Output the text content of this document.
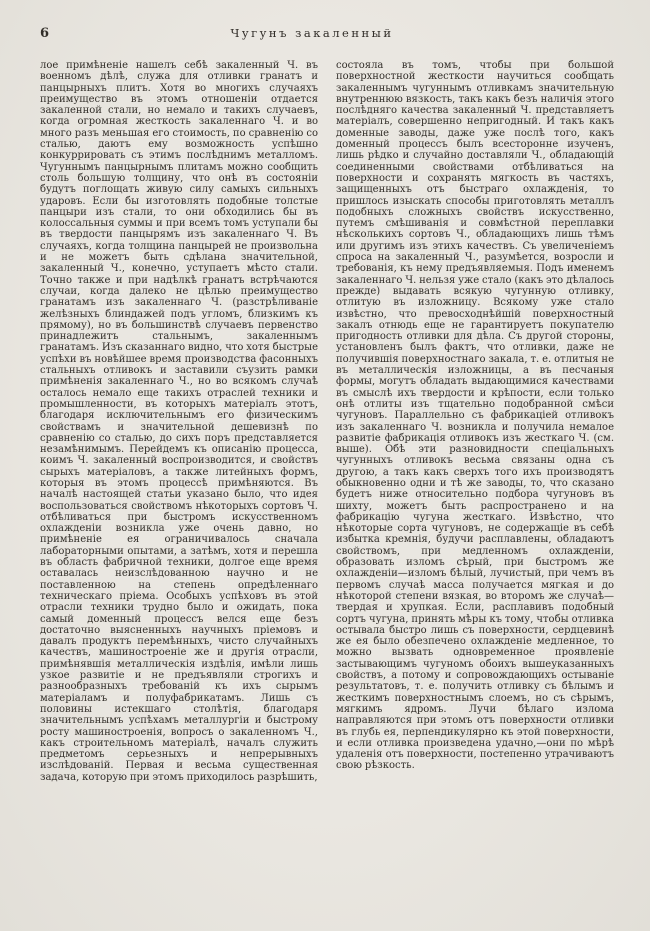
6	Чугунъ закаленный
лое примѣненіе нашелъ себѣ закаленный Ч. въ военномъ дѣлѣ, служа для отливки гранатъ и панцырныхъ плитъ. Хотя во многихъ случаяхъ преимущество въ этомъ отношеніи отдается закаленной стали, но немало и такихъ случаевъ, когда огромная жесткость закаленнаго Ч. и во много разъ меньшая его стоимость, по сравненію со сталью, даютъ ему возможность успѣшно конкуррировать съ этимъ послѣднимъ металломъ. Чугуннымъ панцырнымъ плитамъ можно сообщить столь большую толщину, что онѣ въ состояніи будутъ поглощать живую силу самыхъ сильныхъ ударовъ. Если бы изготовлять подобные толстые панцыри изъ стали, то они обходились бы въ колоссальныя суммы и при всемъ томъ уступали бы въ твердости панцырямъ изъ закаленнаго Ч. Въ случаяхъ, когда толщина панцырей не произвольна и не можетъ быть сдѣлана значительной, закаленный Ч., конечно, уступаетъ мѣсто стали. Точно также и при надѣлкѣ гранатъ встрѣчаются случаи, когда далеко не цѣлью преимущество гранатамъ изъ закаленнаго Ч. (разстрѣливаніе желѣзныхъ блиндажей подъ угломъ, близкимъ къ прямому), но въ большинствѣ случаевъ первенство принадлежитъ стальнымъ, закаленнымъ гранатамъ. Изъ сказаннаго видно, что хотя быстрые успѣхи въ новѣйшее время производства фасонныхъ стальныхъ отливокъ и заставили съузить рамки примѣненія закаленнаго Ч., но во всякомъ случаѣ осталось немало еще такихъ отраслей техники и промышленности, въ которыхъ матеріалъ этотъ, благодаря исключительнымъ его физическимъ свойствамъ и значительной дешевизнѣ по сравненію со сталью, до сихъ поръ представляется незамѣнимымъ. Перейдемъ къ описанію процесса, коимъ Ч. закаленный воспроизводится, и свойствъ сырыхъ матеріаловъ, а также литейныхъ формъ, которыя въ этомъ процессѣ примѣняются. Въ началѣ настоящей статьи указано было, что идея воспользоваться свойствомъ нѣкоторыхъ сортовъ Ч. отбѣливаться при быстромъ искусственномъ охлажденіи возникла уже очень давно, но примѣненіе ея ограничивалось сначала лабораторными опытами, а затѣмъ, хотя и перешла въ область фабричной техники, долгое еще время оставалась неизслѣдованною научно и не поставленною на степень опредѣленнаго техническаго пріема. Особыхъ успѣховъ въ этой отрасли техники трудно было и ожидать, пока самый доменный процессъ велся еще безъ достаточно выясненныхъ научныхъ пріемовъ и давалъ продуктъ перемѣнныхъ, чисто случайныхъ качествъ, машиностроеніе же и другія отрасли, примѣнявшія металлическія издѣлія, имѣли лишь узкое развитіе и не предъявляли строгихъ и разнообразныхъ требованій къ ихъ сырымъ матеріаламъ и полуфабрикатамъ. Лишь съ половины истекшаго столѣтія, благодаря значительнымъ успѣхамъ металлургіи и быстрому росту машиностроенія, вопросъ о закаленномъ Ч., какъ строительномъ матеріалѣ, началъ служить предметомъ серьезныхъ и непрерывныхъ изслѣдованій. Первая и весьма существенная задача, которую при этомъ приходилось разрѣшить,
состояла въ томъ, чтобы при большой поверхностной жесткости научиться сообщать закаленнымъ чугуннымъ отливкамъ значительную внутреннюю вязкость, такъ какъ безъ наличія этого послѣдняго качества закаленный Ч. представляетъ матеріалъ, совершенно непригодный. И такъ какъ доменные заводы, даже уже послѣ того, какъ доменный процессъ былъ всесторонне изученъ, лишь рѣдко и случайно доставляли Ч., обладающій соединенными свойствами отбѣливаться на поверхности и сохранять мягкость въ частяхъ, защищенныхъ отъ быстраго охлажденія, то пришлось изыскать способы приготовлять металлъ подобныхъ сложныхъ свойствъ искусственно, путемъ смѣшиванія и совмѣстной переплавки нѣсколькихъ сортовъ Ч., обладающихъ лишь тѣмъ или другимъ изъ этихъ качествъ. Съ увеличеніемъ спроса на закаленный Ч., разумѣется, возросли и требованія, къ нему предъявляемыя. Подъ именемъ закаленнаго Ч. нельзя уже стало (какъ это дѣлалось прежде) выдавать всякую чугунную отливку, отлитую въ изложницу. Всякому уже стало извѣстно, что превосходнѣйшій поверхностный закалъ отнюдь еще не гарантируетъ покупателю пригодность отливки для дѣла. Съ другой стороны, установленъ былъ фактъ, что отливки, даже не получившія поверхностнаго закала, т. е. отлитыя не въ металлическія изложницы, а въ песчаныя формы, могутъ обладать выдающимися качествами въ смыслѣ ихъ твердости и крѣпости, если только онѣ отлиты изъ тщательно подобранной смѣси чугуновъ. Параллельно съ фабрикаціей отливокъ изъ закаленнаго Ч. возникла и получила немалое развитіе фабрикація отливокъ изъ жесткаго Ч. (см. выше). Обѣ эти разновидности спеціальныхъ чугунныхъ отливокъ весьма связаны одна съ другою, а такъ какъ сверхъ того ихъ производятъ обыкновенно одни и тѣ же заводы, то, что сказано будетъ ниже относительно подбора чугуновъ въ шихту, можетъ быть распространено и на фабрикацію чугуна жесткаго. Извѣстно, что нѣкоторые сорта чугуновъ, не содержащіе въ себѣ избытка кремнія, будучи расплавлены, обладаютъ свойствомъ, при медленномъ охлажденіи, образовать изломъ сѣрый, при быстромъ же охлажденіи—изломъ бѣлый, лучистый, при чемъ въ первомъ случаѣ масса получается мягкая и до нѣкоторой степени вязкая, во второмъ же случаѣ—твердая и хрупкая. Если, расплавивъ подобный сортъ чугуна, принять мѣры къ тому, чтобы отливка остывала быстро лишь съ поверхности, сердцевинѣ же ея было обезпечено охлажденіе медленное, то можно вызвать одновременное проявленіе застывающимъ чугуномъ обоихъ вышеуказанныхъ свойствъ, а потому и сопровождающихъ остываніе результатовъ, т. е. получить отливку съ бѣлымъ и жесткимъ поверхностнымъ слоемъ, но съ сѣрымъ, мягкимъ ядромъ. Лучи бѣлаго излома направляются при этомъ отъ поверхности отливки въ глубь ея, перпендикулярно къ этой поверхности, и если отливка произведена удачно,—они по мѣрѣ удаленія отъ поверхности, постепенно утрачиваютъ свою рѣзкость.
